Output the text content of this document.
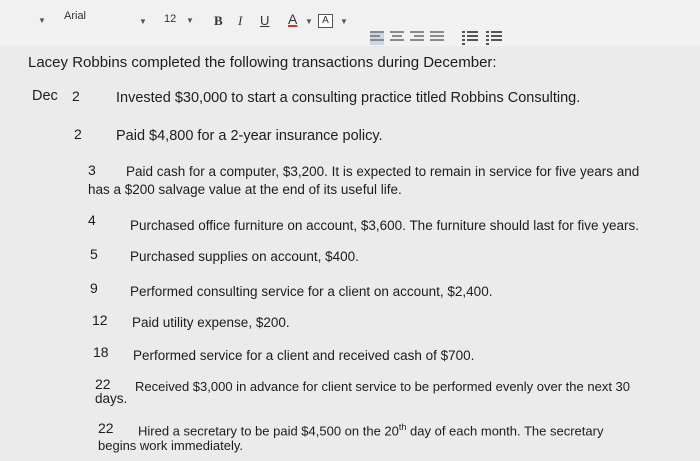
▼ Arial	▼ 12 ▼ B I U A ▼ A	▼
Lacey Robbins completed the following transactions during December:
Dec 2 Invested $30,000 to start a consulting practice titled Robbins Consulting.
2 Paid $4,800 for a 2-year insurance policy.
3 Paid cash for a computer, $3,200. It is expected to remain in service for five years and
has a $200 salvage value at the end of its useful life.
4	Purchased office furniture on account, $3,600. The furniture should last for five years.
5 Purchased supplies on account, $400.
9 Performed consulting service for a client on account, $2,400.
12 Paid utility expense, $200.
18 Performed service for a client and received cash of $700.
22 Received $3,000 in advance for client service to be performed evenly over the next 30
days.
22 Hired a secretary to be paid $4,500 on the 20th day of each month. The secretary
begins work immediately.
